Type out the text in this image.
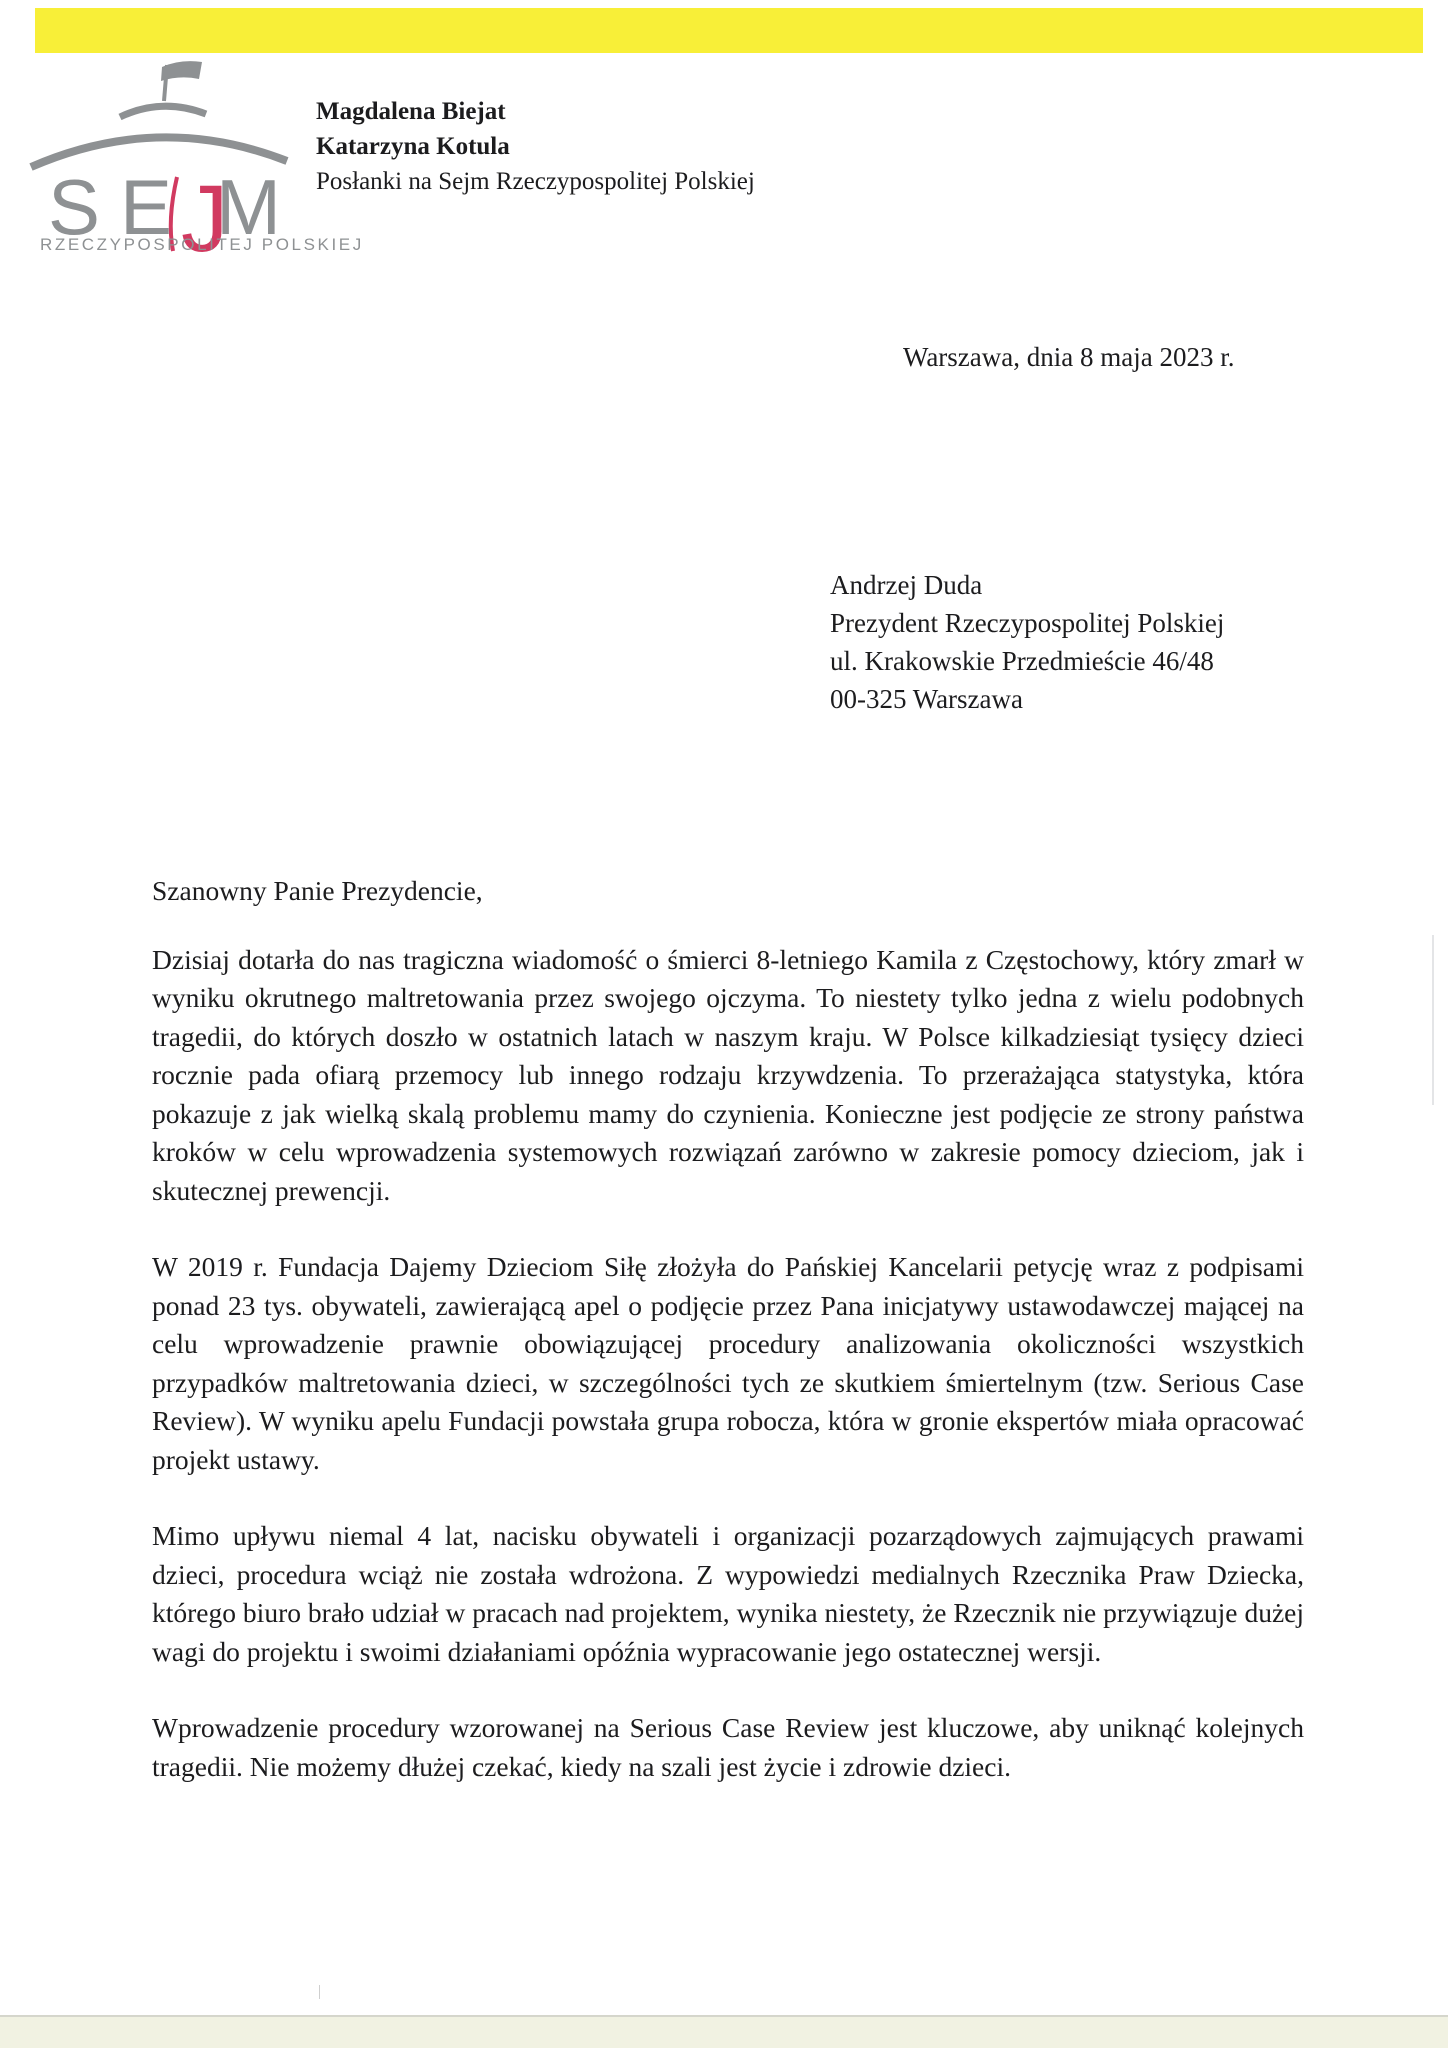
S E J
M
RZECZYPOSPOLITEJ POLSKIEJ
Magdalena Biejat
Katarzyna Kotula
Posłanki na Sejm Rzeczypospolitej Polskiej
Warszawa, dnia 8 maja 2023 r.
Andrzej Duda
Prezydent Rzeczypospolitej Polskiej
ul. Krakowskie Przedmieście 46/48
00-325 Warszawa

Szanowny Panie Prezydencie,

Dzisiaj dotarła do nas tragiczna wiadomość o śmierci 8-letniego Kamila z Częstochowy, który zmarł w wyniku okrutnego maltretowania przez swojego ojczyma. To niestety tylko jedna z wielu podobnych tragedii, do których doszło w ostatnich latach w naszym kraju. W Polsce kilkadziesiąt tysięcy dzieci rocznie pada ofiarą przemocy lub innego rodzaju krzywdzenia. To przerażająca statystyka, która pokazuje z jak wielką skalą problemu mamy do czynienia. Konieczne jest podjęcie ze strony państwa kroków w celu wprowadzenia systemowych rozwiązań zarówno w zakresie pomocy dzieciom, jak i skutecznej prewencji.

W 2019 r. Fundacja Dajemy Dzieciom Siłę złożyła do Pańskiej Kancelarii petycję wraz z podpisami ponad 23 tys. obywateli, zawierającą apel o podjęcie przez Pana inicjatywy ustawodawczej mającej na celu wprowadzenie prawnie obowiązującej procedury analizowania okoliczności wszystkich przypadków maltretowania dzieci, w szczególności tych ze skutkiem śmiertelnym (tzw. Serious Case Review). W wyniku apelu Fundacji powstała grupa robocza, która w gronie ekspertów miała opracować projekt ustawy.

Mimo upływu niemal 4 lat, nacisku obywateli i organizacji pozarządowych zajmujących prawami dzieci, procedura wciąż nie została wdrożona. Z wypowiedzi medialnych Rzecznika Praw Dziecka, którego biuro brało udział w pracach nad projektem, wynika niestety, że Rzecznik nie przywiązuje dużej wagi do projektu i swoimi działaniami opóźnia wypracowanie jego ostatecznej wersji.

Wprowadzenie procedury wzorowanej na Serious Case Review jest kluczowe, aby uniknąć kolejnych tragedii. Nie możemy dłużej czekać, kiedy na szali jest życie i zdrowie dzieci.
